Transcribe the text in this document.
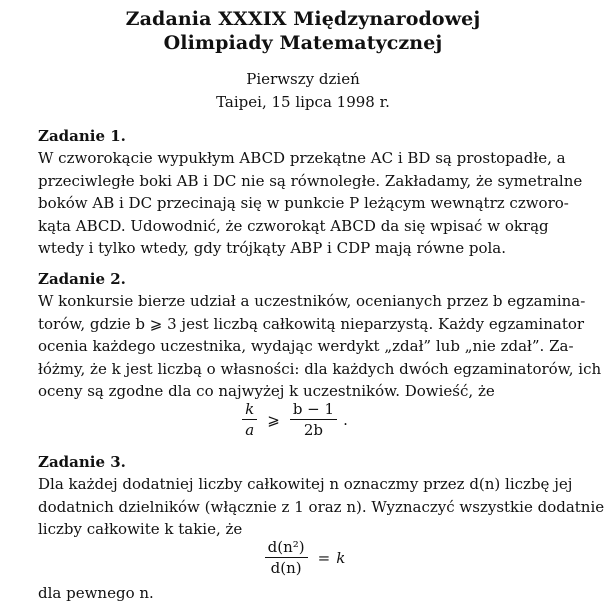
Zadania XXXIX Międzynarodowej
Olimpiady Matematycznej
Pierwszy dzień
Taipei, 15 lipca 1998 r.
Zadanie 1.
W czworokącie wypukłym ABCD przekątne AC i BD są prostopadłe, a
przeciwległe boki AB i DC nie są równoległe. Zakładamy, że symetralne
boków AB i DC przecinają się w punkcie P leżącym wewnątrz czworo-
kąta ABCD. Udowodnić, że czworokąt ABCD da się wpisać w okrąg
wtedy i tylko wtedy, gdy trójkąty ABP i CDP mają równe pola.
Zadanie 2.
W konkursie bierze udział a uczestników, ocenianych przez b egzamina-
torów, gdzie b ⩾ 3 jest liczbą całkowitą nieparzystą. Każdy egzaminator
ocenia każdego uczestnika, wydając werdykt „zdał” lub „nie zdał”. Za-
łóżmy, że k jest liczbą o własności: dla każdych dwóch egzaminatorów, ich
oceny są zgodne dla co najwyżej k uczestników. Dowieść, że
$\frac{k}{a}$ ⩾ $\frac{b - 1}{2b}$ .
Zadanie 3.
Dla każdej dodatniej liczby całkowitej n oznaczmy przez d(n) liczbę jej
dodatnich dzielników (włącznie z 1 oraz n). Wyznaczyć wszystkie dodatnie
liczby całkowite k takie, że
$\frac{\text{d(n²)}}{d(n)} = k$
dla pewnego n.
